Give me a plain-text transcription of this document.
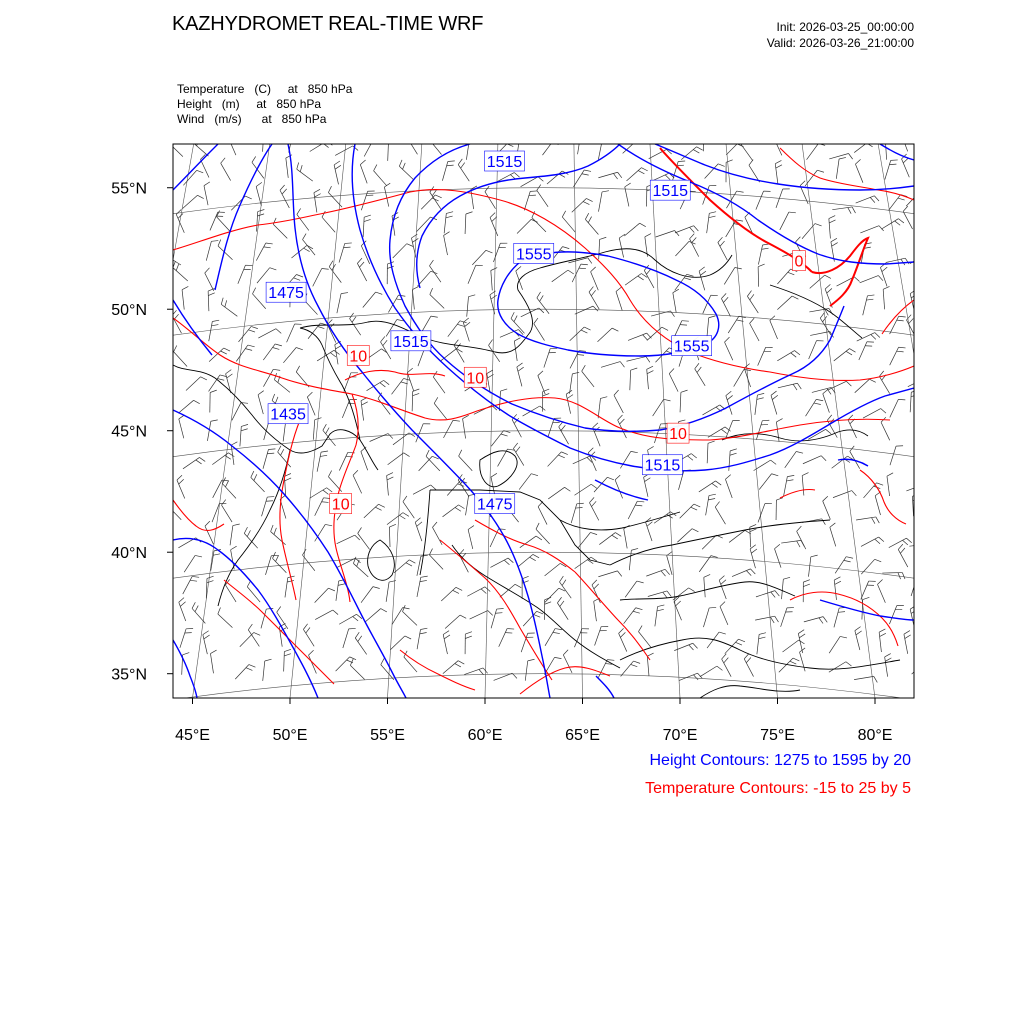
KAZHYDROMET REAL-TIME WRF	Init: 2026-03-25_00:00:00
Valid: 2026-03-26_21:00:00
Temperature   (C)     at   850 hPa
Height   (m)     at   850 hPa
Wind   (m/s)      at   850 hPa
1515
1515
1555
1475
1515	1555
1435
1515
1475
10
10
10
10
0
45°E	50°E	55°E	60°E	65°E	70°E	75°E	80°E
35°N
40°N
45°N
50°N
55°N
Height Contours: 1275 to 1595 by 20
Temperature Contours: -15 to 25 by 5
